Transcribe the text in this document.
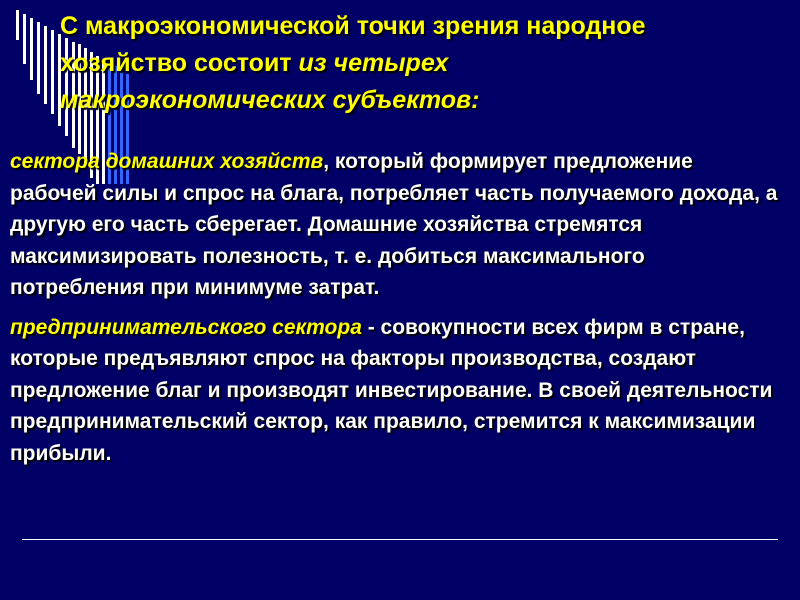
С макроэкономической точки зрения народное
хозяйство состоит из четырех
макроэкономических субъектов:

сектора домашних хозяйств, который формирует предложение рабочей силы и спрос на блага, потребляет часть получаемого дохода, а другую его часть сберегает. Домашние хозяйства стремятся максимизировать полезность, т. е. добиться максимального потребления при минимуме затрат.

предпринимательского сектора - совокупности всех фирм в стране, которые предъявляют спрос на факторы производства, создают предложение благ и производят инвестирование. В своей деятельности предпринимательский сектор, как правило, стремится к максимизации прибыли.
